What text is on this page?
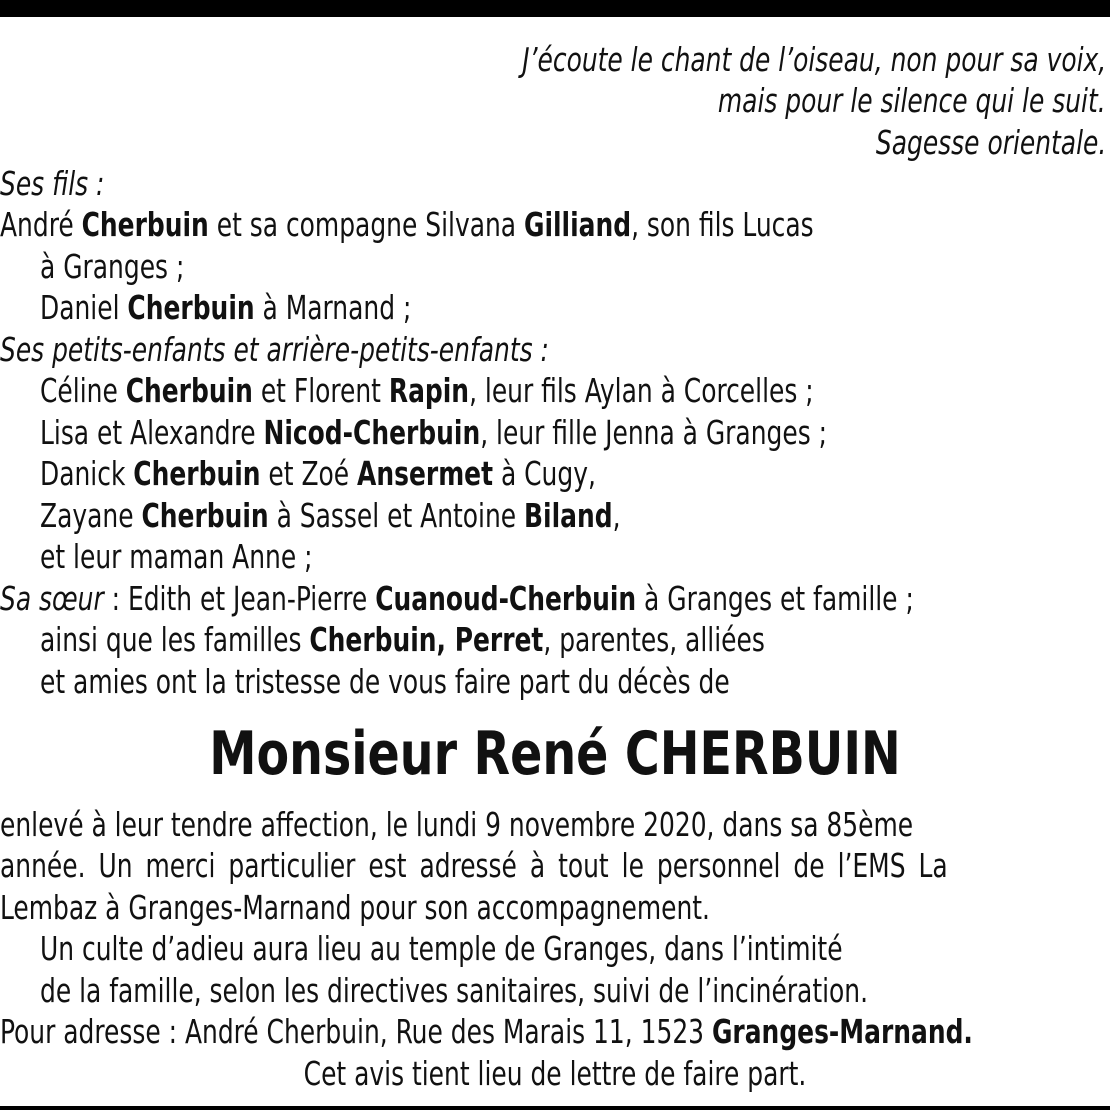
J’écoute le chant de l’oiseau, non pour sa voix,
mais pour le silence qui le suit.
Sagesse orientale.
Ses fils :
André Cherbuin et sa compagne Silvana Gilliand, son fils Lucas
à Granges ;
Daniel Cherbuin à Marnand ;
Ses petits-enfants et arrière-petits-enfants :
Céline Cherbuin et Florent Rapin, leur fils Aylan à Corcelles ;
Lisa et Alexandre Nicod-Cherbuin, leur fille Jenna à Granges ;
Danick Cherbuin et Zoé Ansermet à Cugy,
Zayane Cherbuin à Sassel et Antoine Biland,
et leur maman Anne ;
Sa sœur : Edith et Jean-Pierre Cuanoud-Cherbuin à Granges et famille ;
ainsi que les familles Cherbuin, Perret, parentes, alliées
et amies ont la tristesse de vous faire part du décès de
Monsieur René CHERBUIN
enlevé à leur tendre affection, le lundi 9 novembre 2020, dans sa 85ème
année. Un merci particulier est adressé à tout le personnel de l’EMS La
Lembaz à Granges-Marnand pour son accompagnement.
Un culte d’adieu aura lieu au temple de Granges, dans l’intimité
de la famille, selon les directives sanitaires, suivi de l’incinération.
Pour adresse : André Cherbuin, Rue des Marais 11, 1523 Granges-Marnand.
Cet avis tient lieu de lettre de faire part.
